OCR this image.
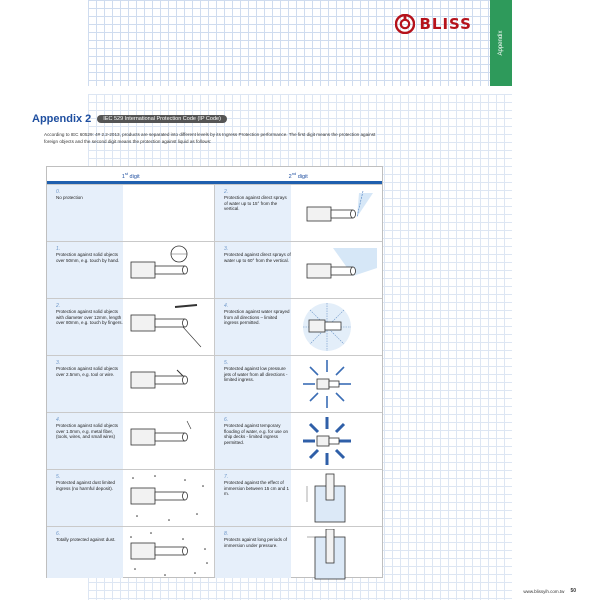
BLISS
Appendix
Appendix 2	IEC 529 International Protection Code (IP Code)
According to IEC 60529: 4# 2.2-2013, products are separated into different levels by its Ingress Protection performance. The first digit means the protection against foreign objects and the second digit means the protection against liquid as follows:
1st digit	2nd digit
0.
No protection
2.
Protection against direct sprays of water up to 15° from the vertical.
1.
Protection against solid objects over 50mm, e.g. touch by hand.
3.
Protected against direct sprays of water up to 60° from the vertical.
2.
Protection against solid objects with diameter over 12mm, length over 80mm, e.g. touch by fingers.
4.
Protection against water sprayed from all directions – limited ingress permitted.
3.
Protection against solid objects over 2.5mm, e.g. tool or wire.
5.
Protected against low pressure jets of water from all directions - limited ingress.
4.
Protection against solid objects over 1.0mm, e.g. metal fiber, (tools, wires, and small wires)
6.
Protected against temporary flooding of water, e.g. for use on ship decks - limited ingress permitted.
5.
Protected against dust limited ingress (no harmful deposit).
7.
Protected against the effect of immersion between 15 cm and 1 m.
6.
Totally protected against dust.
8.
Protects against long periods of immersion under pressure.
www.blissyih.com.tw 50
